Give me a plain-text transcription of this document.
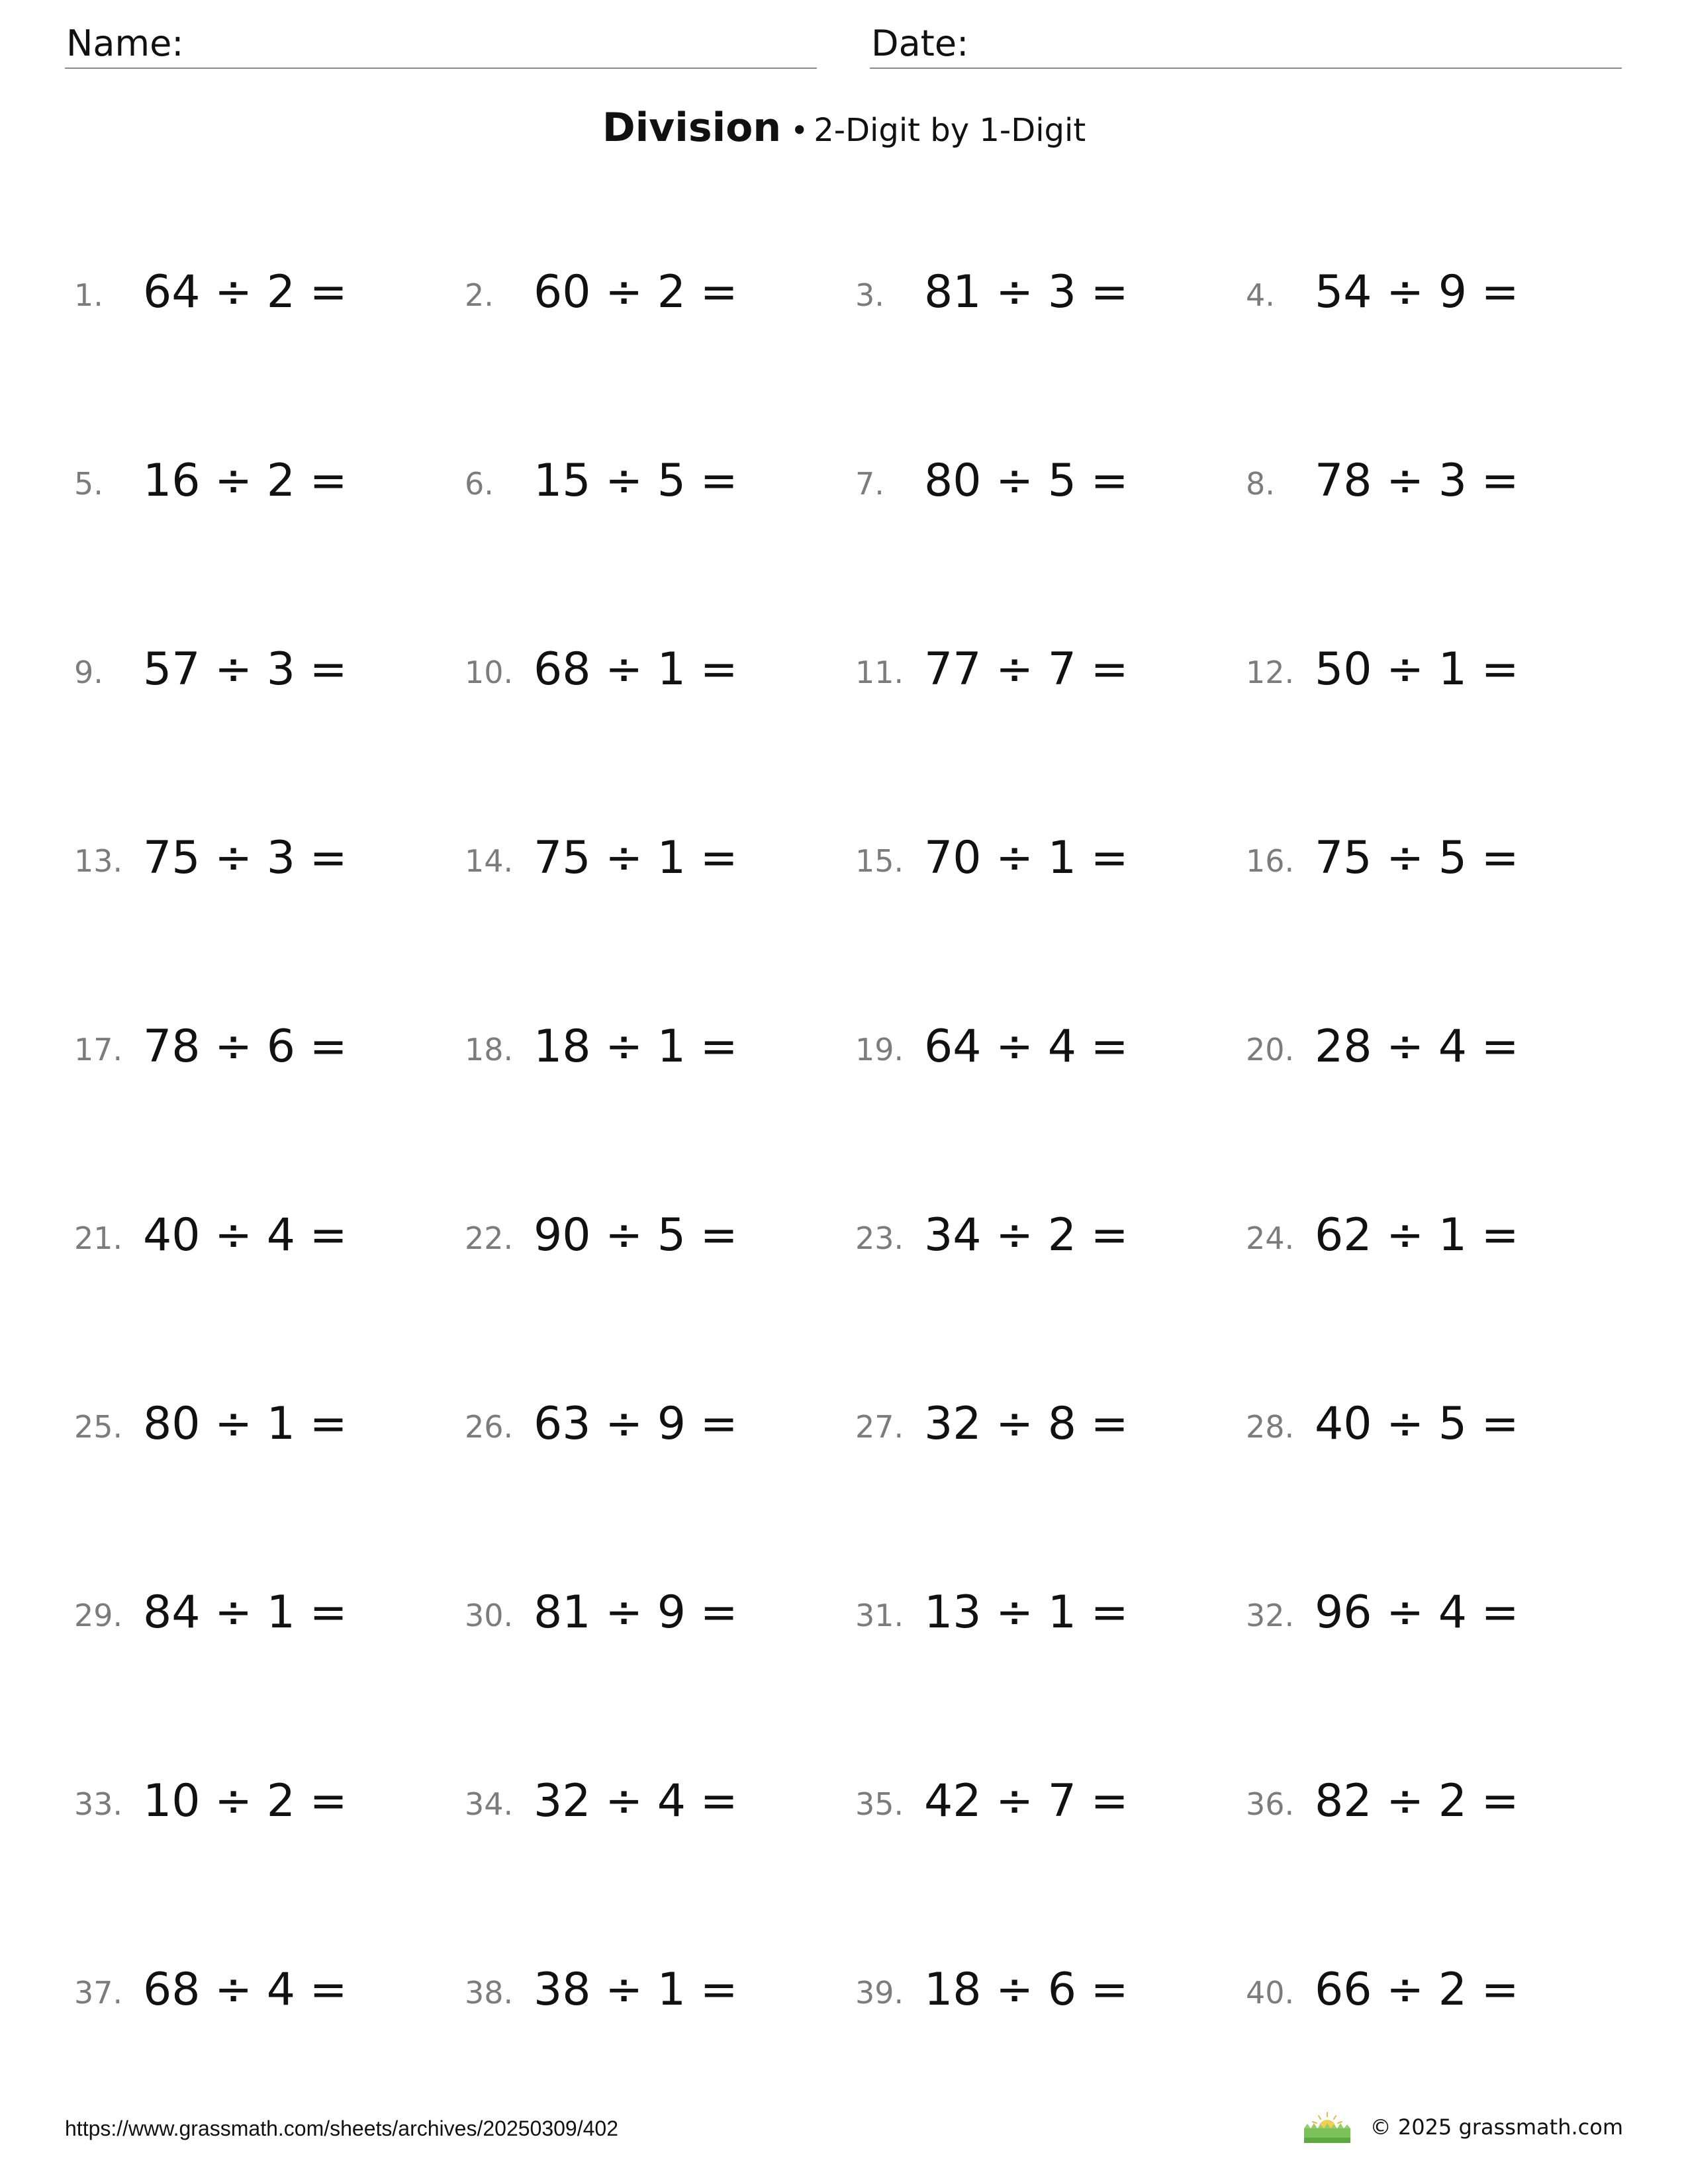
Name:	Date:
Division • 2-Digit by 1-Digit
1. 64 ÷ 2 =	2. 60 ÷ 2 =	3. 81 ÷ 3 =	4. 54 ÷ 9 =
5. 16 ÷ 2 =	6. 15 ÷ 5 =	7. 80 ÷ 5 =	8. 78 ÷ 3 =
9. 57 ÷ 3 =	10. 68 ÷ 1 =	11. 77 ÷ 7 =	12. 50 ÷ 1 =
13. 75 ÷ 3 =	14. 75 ÷ 1 =	15. 70 ÷ 1 =	16. 75 ÷ 5 =
17. 78 ÷ 6 =	18. 18 ÷ 1 =	19. 64 ÷ 4 =	20. 28 ÷ 4 =
21. 40 ÷ 4 =	22. 90 ÷ 5 =	23. 34 ÷ 2 =	24. 62 ÷ 1 =
25. 80 ÷ 1 =	26. 63 ÷ 9 =	27. 32 ÷ 8 =	28. 40 ÷ 5 =
29. 84 ÷ 1 =	30. 81 ÷ 9 =	31. 13 ÷ 1 =	32. 96 ÷ 4 =
33. 10 ÷ 2 =	34. 32 ÷ 4 =	35. 42 ÷ 7 =	36. 82 ÷ 2 =
37. 68 ÷ 4 =	38. 38 ÷ 1 =	39. 18 ÷ 6 =	40. 66 ÷ 2 =
https://www.grassmath.com/sheets/archives/20250309/402	© 2025 grassmath.com
